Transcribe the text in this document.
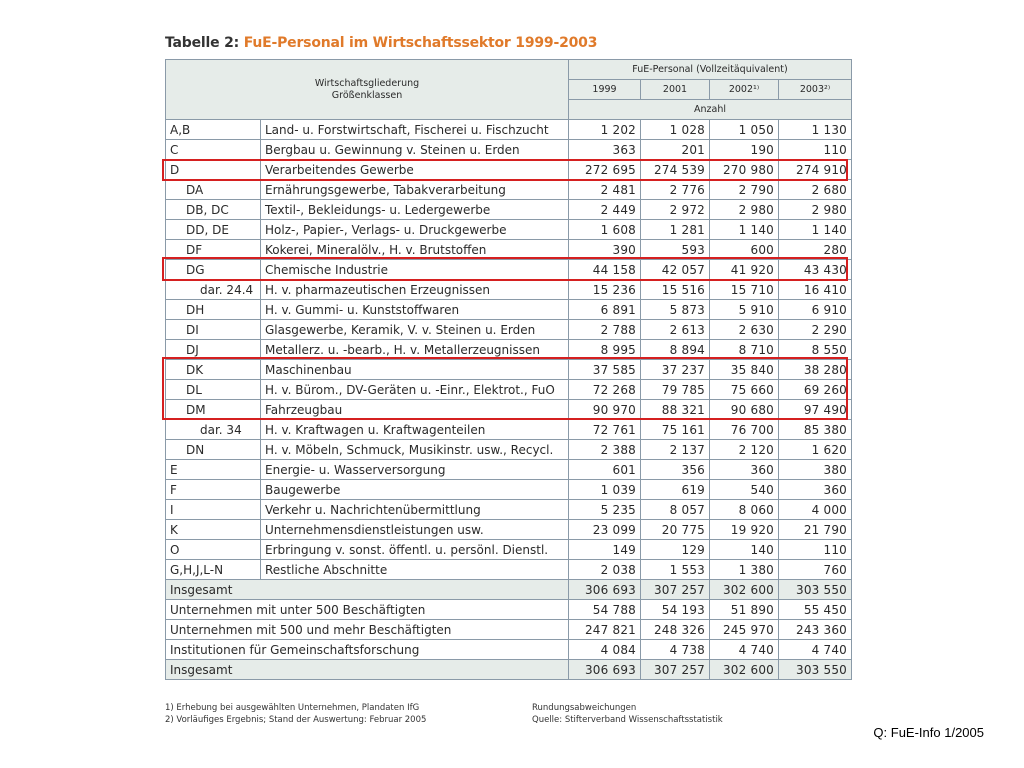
Tabelle 2: FuE-Personal im Wirtschaftssektor 1999-2003
Wirtschaftsgliederung
Größenklassen		FuE-Personal (Vollzeitäquivalent)			
		1999	2001	2002¹⁾	2003²⁾
		Anzahl			
A,B	Land- u. Forstwirtschaft, Fischerei u. Fischzucht	1 202	1 028	1 050	1 130
C	Bergbau u. Gewinnung v. Steinen u. Erden	363	201	190	110
D	Verarbeitendes Gewerbe	272 695	274 539	270 980	274 910
DA	Ernährungsgewerbe, Tabakverarbeitung	2 481	2 776	2 790	2 680
DB, DC	Textil-, Bekleidungs- u. Ledergewerbe	2 449	2 972	2 980	2 980
DD, DE	Holz-, Papier-, Verlags- u. Druckgewerbe	1 608	1 281	1 140	1 140
DF	Kokerei, Mineralölv., H. v. Brutstoffen	390	593	600	280
DG	Chemische Industrie	44 158	42 057	41 920	43 430
dar. 24.4	H. v. pharmazeutischen Erzeugnissen	15 236	15 516	15 710	16 410
DH	H. v. Gummi- u. Kunststoffwaren	6 891	5 873	5 910	6 910
DI	Glasgewerbe, Keramik, V. v. Steinen u. Erden	2 788	2 613	2 630	2 290
DJ	Metallerz. u. -bearb., H. v. Metallerzeugnissen	8 995	8 894	8 710	8 550
DK	Maschinenbau	37 585	37 237	35 840	38 280
DL	H. v. Bürom., DV-Geräten u. -Einr., Elektrot., FuO	72 268	79 785	75 660	69 260
DM	Fahrzeugbau	90 970	88 321	90 680	97 490
dar. 34	H. v. Kraftwagen u. Kraftwagenteilen	72 761	75 161	76 700	85 380
DN	H. v. Möbeln, Schmuck, Musikinstr. usw., Recycl.	2 388	2 137	2 120	1 620
E	Energie- u. Wasserversorgung	601	356	360	380
F	Baugewerbe	1 039	619	540	360
I	Verkehr u. Nachrichtenübermittlung	5 235	8 057	8 060	4 000
K	Unternehmensdienstleistungen usw.	23 099	20 775	19 920	21 790
O	Erbringung v. sonst. öffentl. u. persönl. Dienstl.	149	129	140	110
G,H,J,L-N	Restliche Abschnitte	2 038	1 553	1 380	760
Insgesamt		306 693	307 257	302 600	303 550
Unternehmen mit unter 500 Beschäftigten		54 788	54 193	51 890	55 450
Unternehmen mit 500 und mehr Beschäftigten		247 821	248 326	245 970	243 360
Institutionen für Gemeinschaftsforschung		4 084	4 738	4 740	4 740
Insgesamt		306 693	307 257	302 600	303 550
1) Erhebung bei ausgewählten Unternehmen, Plandaten IfG
2) Vorläufiges Ergebnis; Stand der Auswertung: Februar 2005
Rundungsabweichungen
Quelle: Stifterverband Wissenschaftsstatistik
Q: FuE-Info 1/2005
